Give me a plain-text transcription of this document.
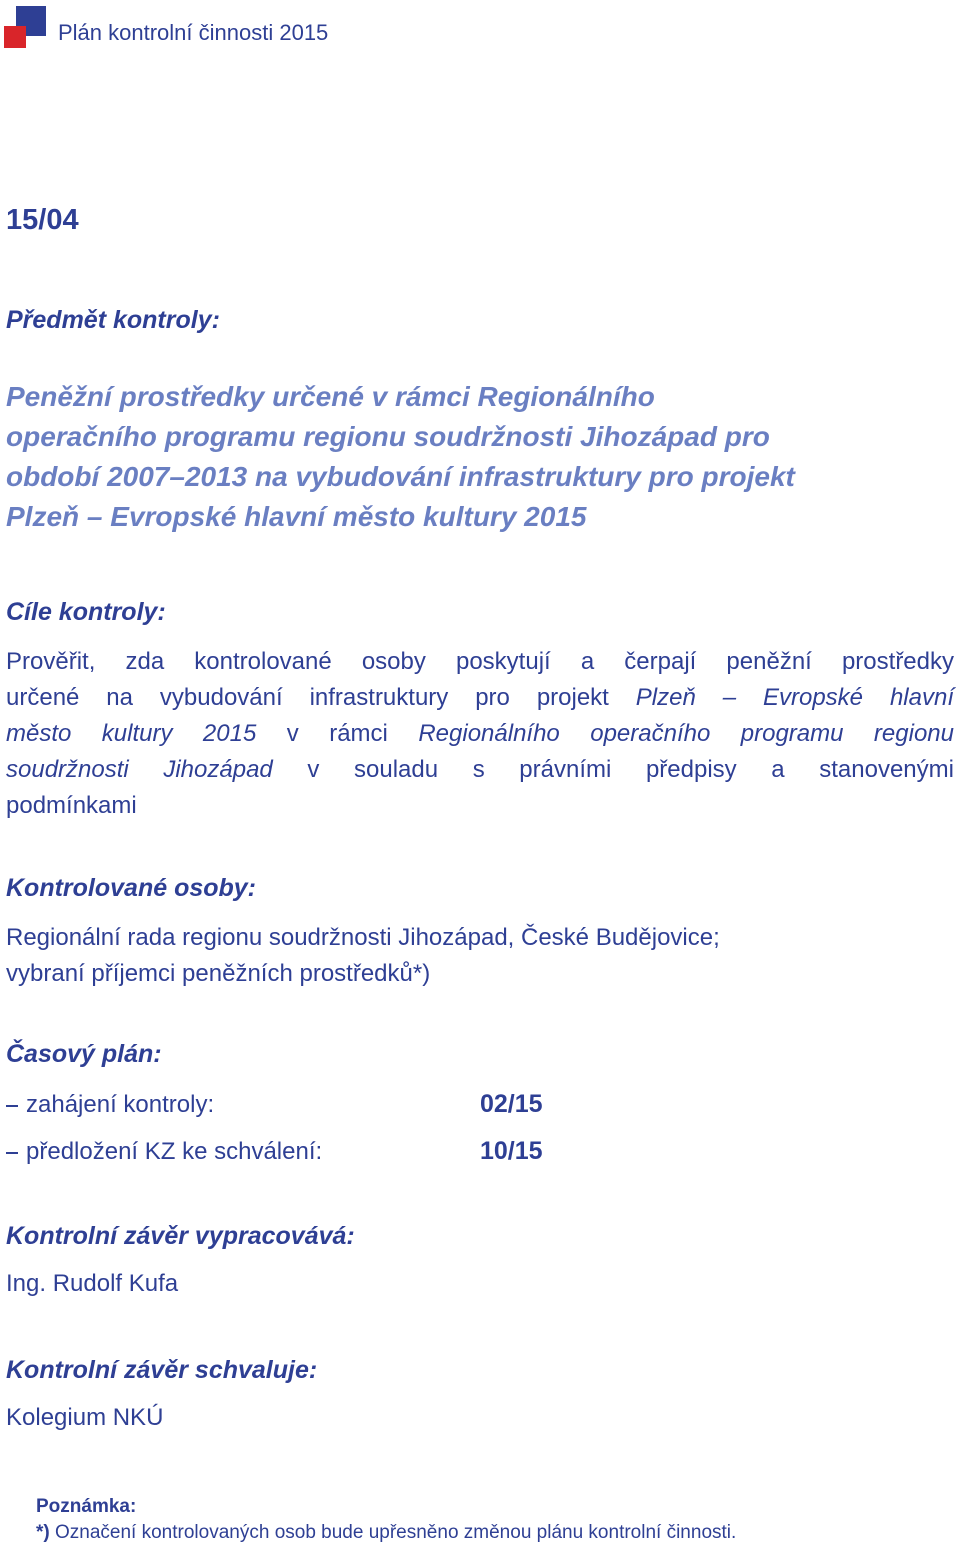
Plán kontrolní činnosti 2015
15/04
Předmět kontroly:
Peněžní prostředky určené v rámci Regionálního
operačního programu regionu soudržnosti Jihozápad pro
období 2007–2013 na vybudování infrastruktury pro projekt
Plzeň – Evropské hlavní město kultury 2015
Cíle kontroly:
Prověřit, zda kontrolované osoby poskytují a čerpají peněžní prostředky
určené na vybudování infrastruktury pro projekt Plzeň – Evropské hlavní
město kultury 2015 v rámci Regionálního operačního programu regionu
soudržnosti Jihozápad v souladu s právními předpisy a stanovenými
podmínkami
Kontrolované osoby:
Regionální rada regionu soudržnosti Jihozápad, České Budějovice;
vybraní příjemci peněžních prostředků*)
Časový plán:
zahájení kontroly:	02/15
předložení KZ ke schválení:	10/15
Kontrolní závěr vypracovává:
Ing. Rudolf Kufa
Kontrolní závěr schvaluje:
Kolegium NKÚ
Poznámka:
*) Označení kontrolovaných osob bude upřesněno změnou plánu kontrolní činnosti.
